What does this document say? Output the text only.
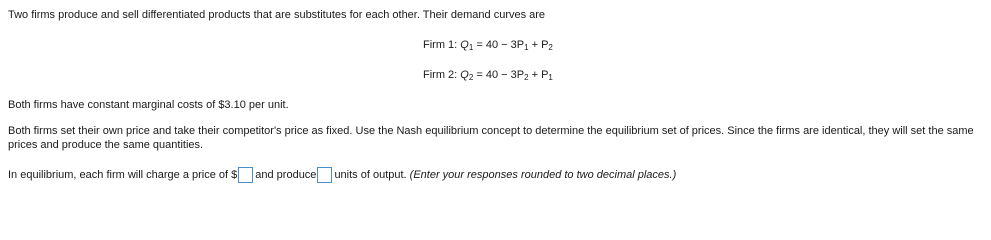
Two firms produce and sell differentiated products that are substitutes for each other. Their demand curves are
Firm 1: $Q_1 = 40 - 3P_1 + P_2$
Firm 2: $Q_2 = 40 - 3P_2 + P_1$
Both firms have constant marginal costs of $3.10 per unit.
Both firms set their own price and take their competitor's price as fixed. Use the Nash equilibrium concept to determine the equilibrium set of prices. Since the firms are identical, they will set the same prices and produce the same quantities.
In equilibrium, each firm will charge a price of $ and produce units of output.
(Enter your responses rounded to two decimal places.)
